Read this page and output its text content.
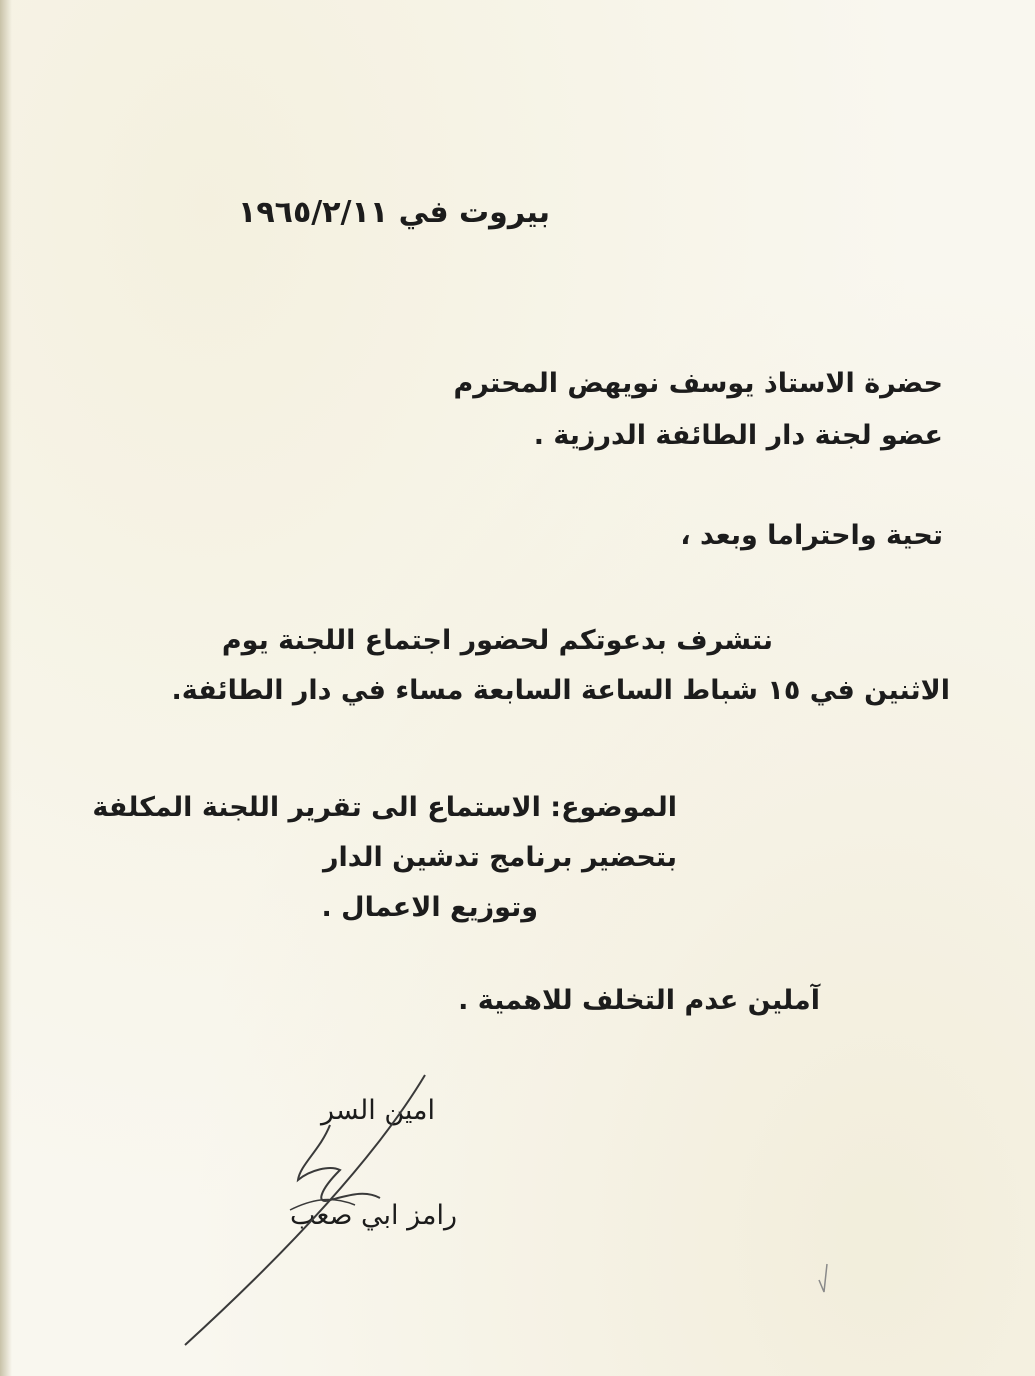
بيروت في ١٩٦٥/٢/١١
حضرة الاستاذ يوسف نويهض المحترم
عضو لجنة دار الطائفة الدرزية .
تحية واحتراما وبعد ،
نتشرف بدعوتكم لحضور اجتماع اللجنة يوم
الاثنين في ١٥ شباط الساعة السابعة مساء في دار الطائفة.
الموضوع: الاستماع الى تقرير اللجنة المكلفة
بتحضير برنامج تدشين الدار
وتوزيع الاعمال .
آملين عدم التخلف للاهمية .
امين السر
رامز ابي صعب
